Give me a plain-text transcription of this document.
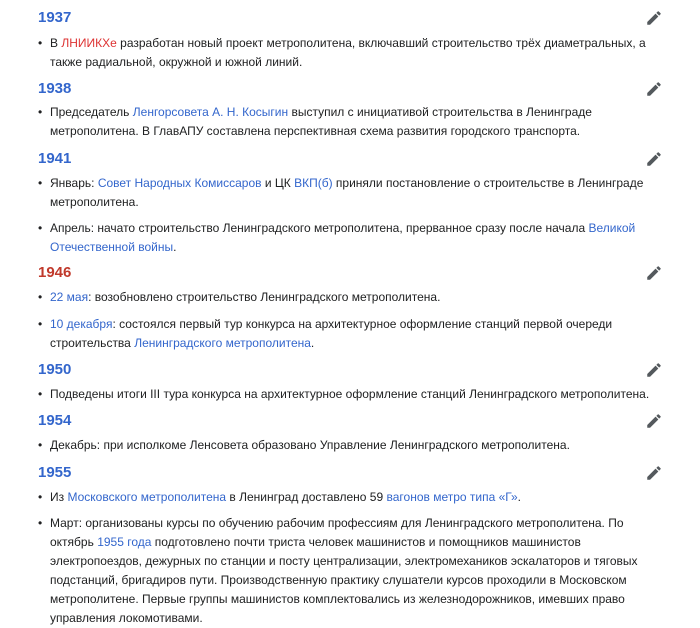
1937
• В ЛНИИКХе разработан новый проект метрополитена, включавший строительство трёх диаметральных, а также радиальной, окружной и южной линий.
1938
• Председатель Ленгорсовета А. Н. Косыгин выступил с инициативой строительства в Ленинграде метрополитена. В ГлавАПУ составлена перспективная схема развития городского транспорта.
1941
• Январь: Совет Народных Комиссаров и ЦК ВКП(б) приняли постановление о строительстве в Ленинграде метрополитена.
• Апрель: начато строительство Ленинградского метрополитена, прерванное сразу после начала Великой Отечественной войны.
1946
• 22 мая: возобновлено строительство Ленинградского метрополитена.
• 10 декабря: состоялся первый тур конкурса на архитектурное оформление станций первой очереди строительства Ленинградского метрополитена.
1950
• Подведены итоги III тура конкурса на архитектурное оформление станций Ленинградского метрополитена.
1954
• Декабрь: при исполкоме Ленсовета образовано Управление Ленинградского метрополитена.
1955
• Из Московского метрополитена в Ленинград доставлено 59 вагонов метро типа «Г».
• Март: организованы курсы по обучению рабочим профессиям для Ленинградского метрополитена. По октябрь 1955 года подготовлено почти триста человек машинистов и помощников машинистов электропоездов, дежурных по станции и посту централизации, электромехаников эскалаторов и тяговых подстанций, бригадиров пути. Производственную практику слушатели курсов проходили в Московском метрополитене. Первые группы машинистов комплектовались из железнодорожников, имевших право управления локомотивами.
